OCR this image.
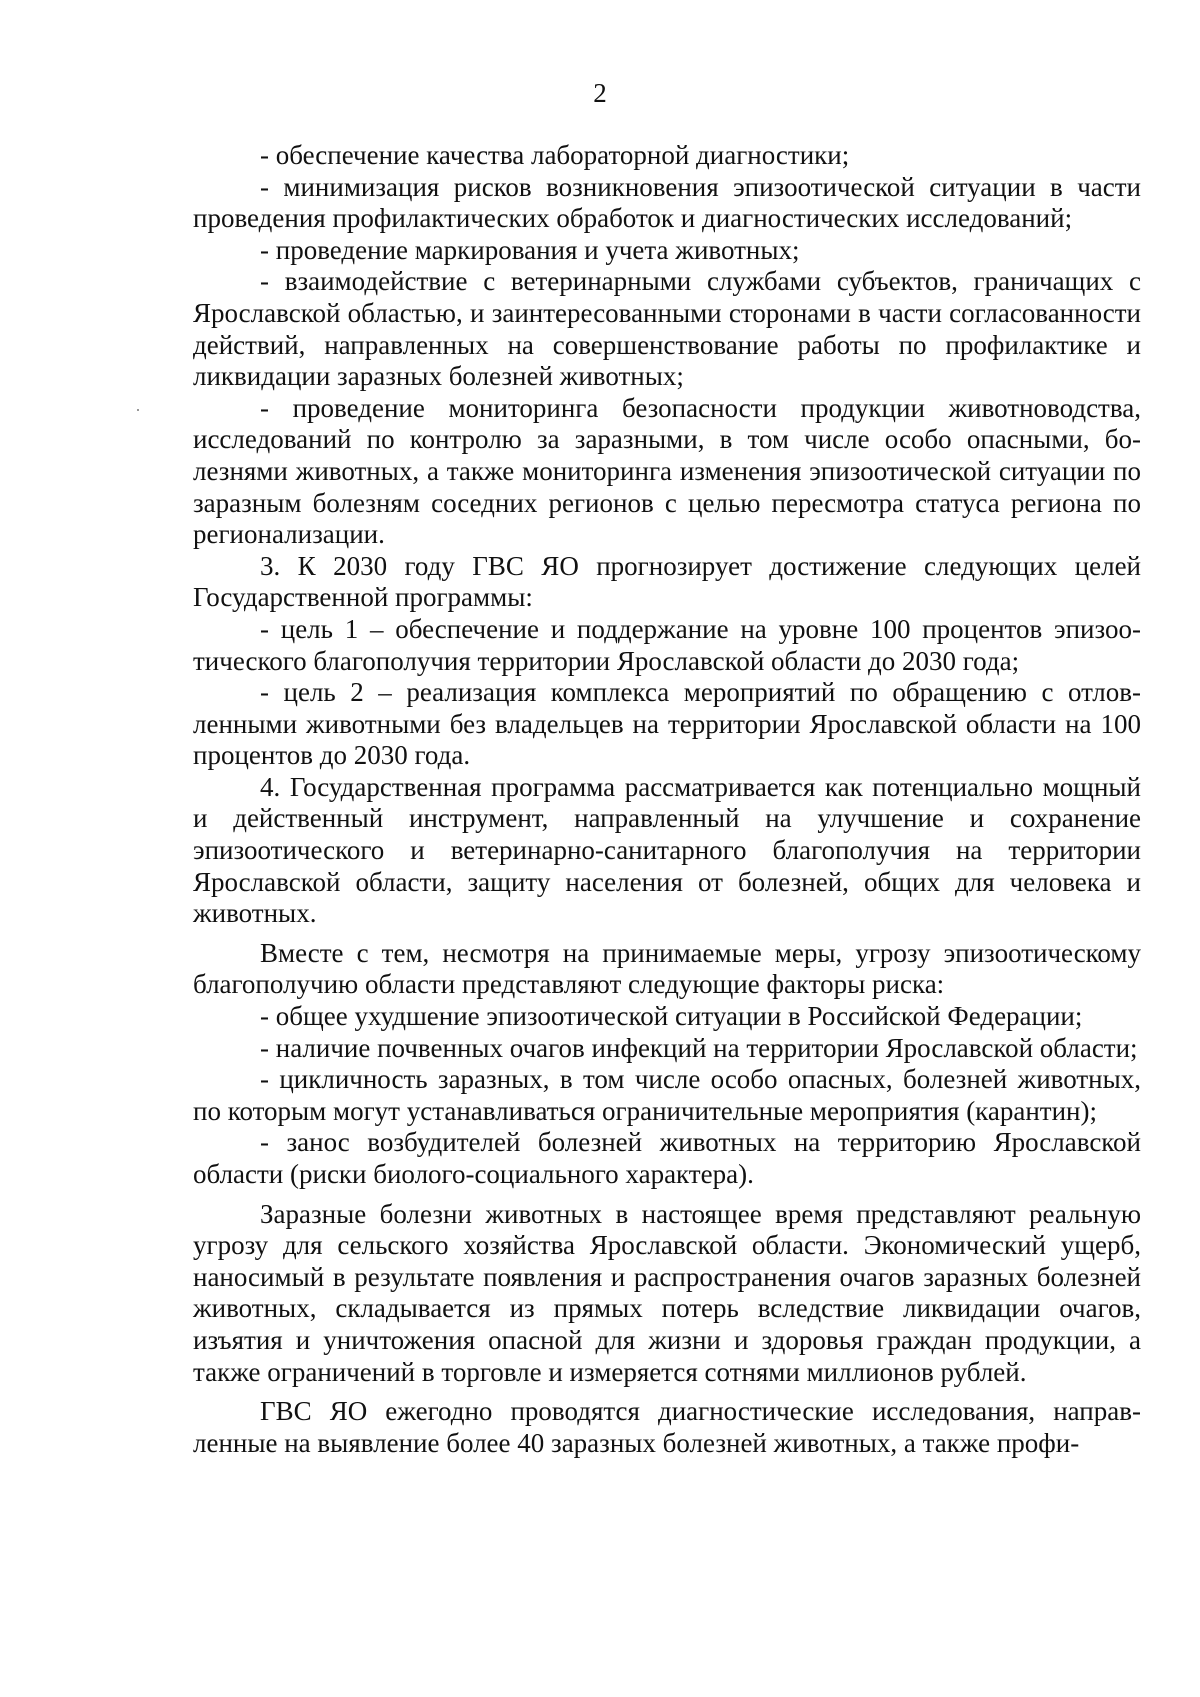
2

- обеспечение качества лабораторной диагностики;

- минимизация рисков возникновения эпизоотической ситуации в части проведения профилактических обработок и диагностических исследований;

- проведение маркирования и учета животных;

- взаимодействие с ветеринарными службами субъектов, граничащих с Ярославской областью, и заинтересованными сторонами в части согласованности действий, направленных на совершенствование работы по профилактике и ликвидации заразных болезней животных;

- проведение мониторинга безопасности продукции животноводства, исследований по контролю за заразными, в том числе особо опасными, болезнями животных, а также мониторинга изменения эпизоотической ситуации по заразным болезням соседних регионов с целью пересмотра статуса региона по регионализации.

3. К 2030 году ГВС ЯО прогнозирует достижение следующих целей Государственной программы:

- цель 1 – обеспечение и поддержание на уровне 100 процентов эпизоотического благополучия территории Ярославской области до 2030 года;

- цель 2 – реализация комплекса мероприятий по обращению с отловленными животными без владельцев на территории Ярославской области на 100 процентов до 2030 года.

4. Государственная программа рассматривается как потенциально мощный и действенный инструмент, направленный на улучшение и сохранение эпизоотического и ветеринарно-санитарного благополучия на территории Ярославской области, защиту населения от болезней, общих для человека и животных.

Вместе с тем, несмотря на принимаемые меры, угрозу эпизоотическому благополучию области представляют следующие факторы риска:

- общее ухудшение эпизоотической ситуации в Российской Федерации;

- наличие почвенных очагов инфекций на территории Ярославской области;

- цикличность заразных, в том числе особо опасных, болезней животных, по которым могут устанавливаться ограничительные мероприятия (карантин);

- занос возбудителей болезней животных на территорию Ярославской области (риски биолого-социального характера).

Заразные болезни животных в настоящее время представляют реальную угрозу для сельского хозяйства Ярославской области. Экономический ущерб, наносимый в результате появления и распространения очагов заразных болезней животных, складывается из прямых потерь вследствие ликвидации очагов, изъятия и уничтожения опасной для жизни и здоровья граждан продукции, а также ограничений в торговле и измеряется сотнями миллионов рублей.

ГВС ЯО ежегодно проводятся диагностические исследования, направленные на выявление более 40 заразных болезней животных, а также профи-
